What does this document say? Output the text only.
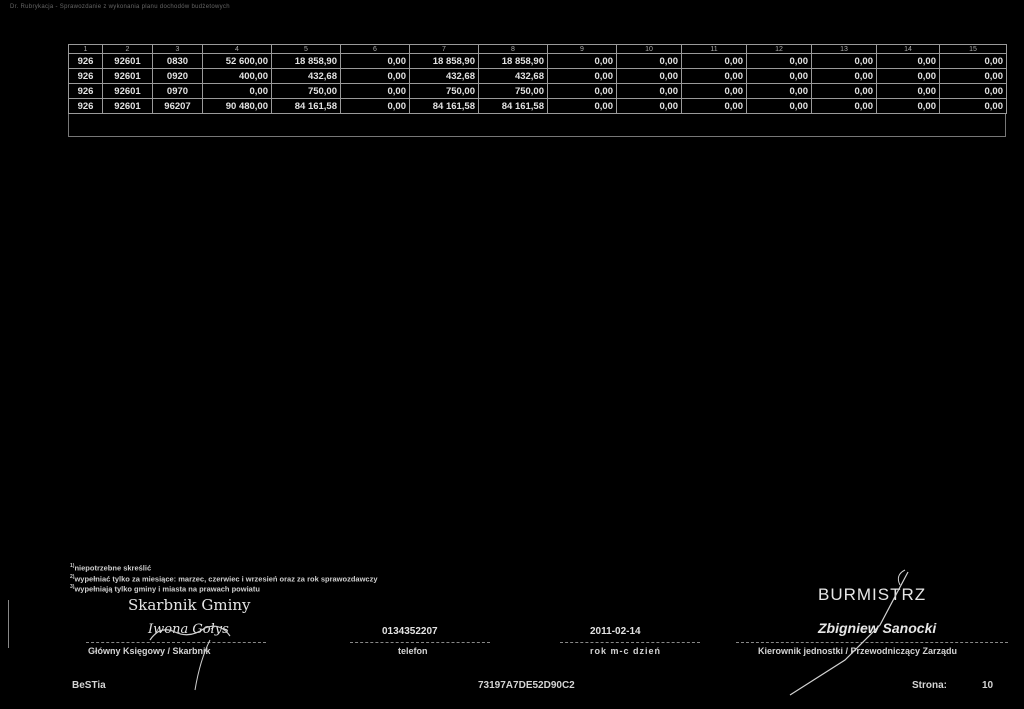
Dr. Rubrykacja - Sprawozdanie z wykonania planu dochodów budżetowych
1	2	3	4	5	6	7	8	9	10	11	12	13	14	15
926	92601	0830	52 600,00	18 858,90	0,00	18 858,90	18 858,90	0,00	0,00	0,00	0,00	0,00	0,00	0,00
926	92601	0920	400,00	432,68	0,00	432,68	432,68	0,00	0,00	0,00	0,00	0,00	0,00	0,00
926	92601	0970	0,00	750,00	0,00	750,00	750,00	0,00	0,00	0,00	0,00	0,00	0,00	0,00
926	92601	96207	90 480,00	84 161,58	0,00	84 161,58	84 161,58	0,00	0,00	0,00	0,00	0,00	0,00	0,00
$^{1)}$niepotrzebne skreślić
$^{2)}$wypełniać tylko za miesiące: marzec, czerwiec i wrzesień oraz za rok sprawozdawczy
$^{3)}$wypełniają tylko gminy i miasta na prawach powiatu
Skarbnik Gminy
Iwona Gołys
Główny Księgowy / Skarbnik
0134352207
telefon
2011-02-14
rok m-c dzień
BURMISTRZ
Zbigniew Sanocki
Kierownik jednostki / Przewodniczący Zarządu
BeSTia	73197A7DE52D90C2	Strona:	10
